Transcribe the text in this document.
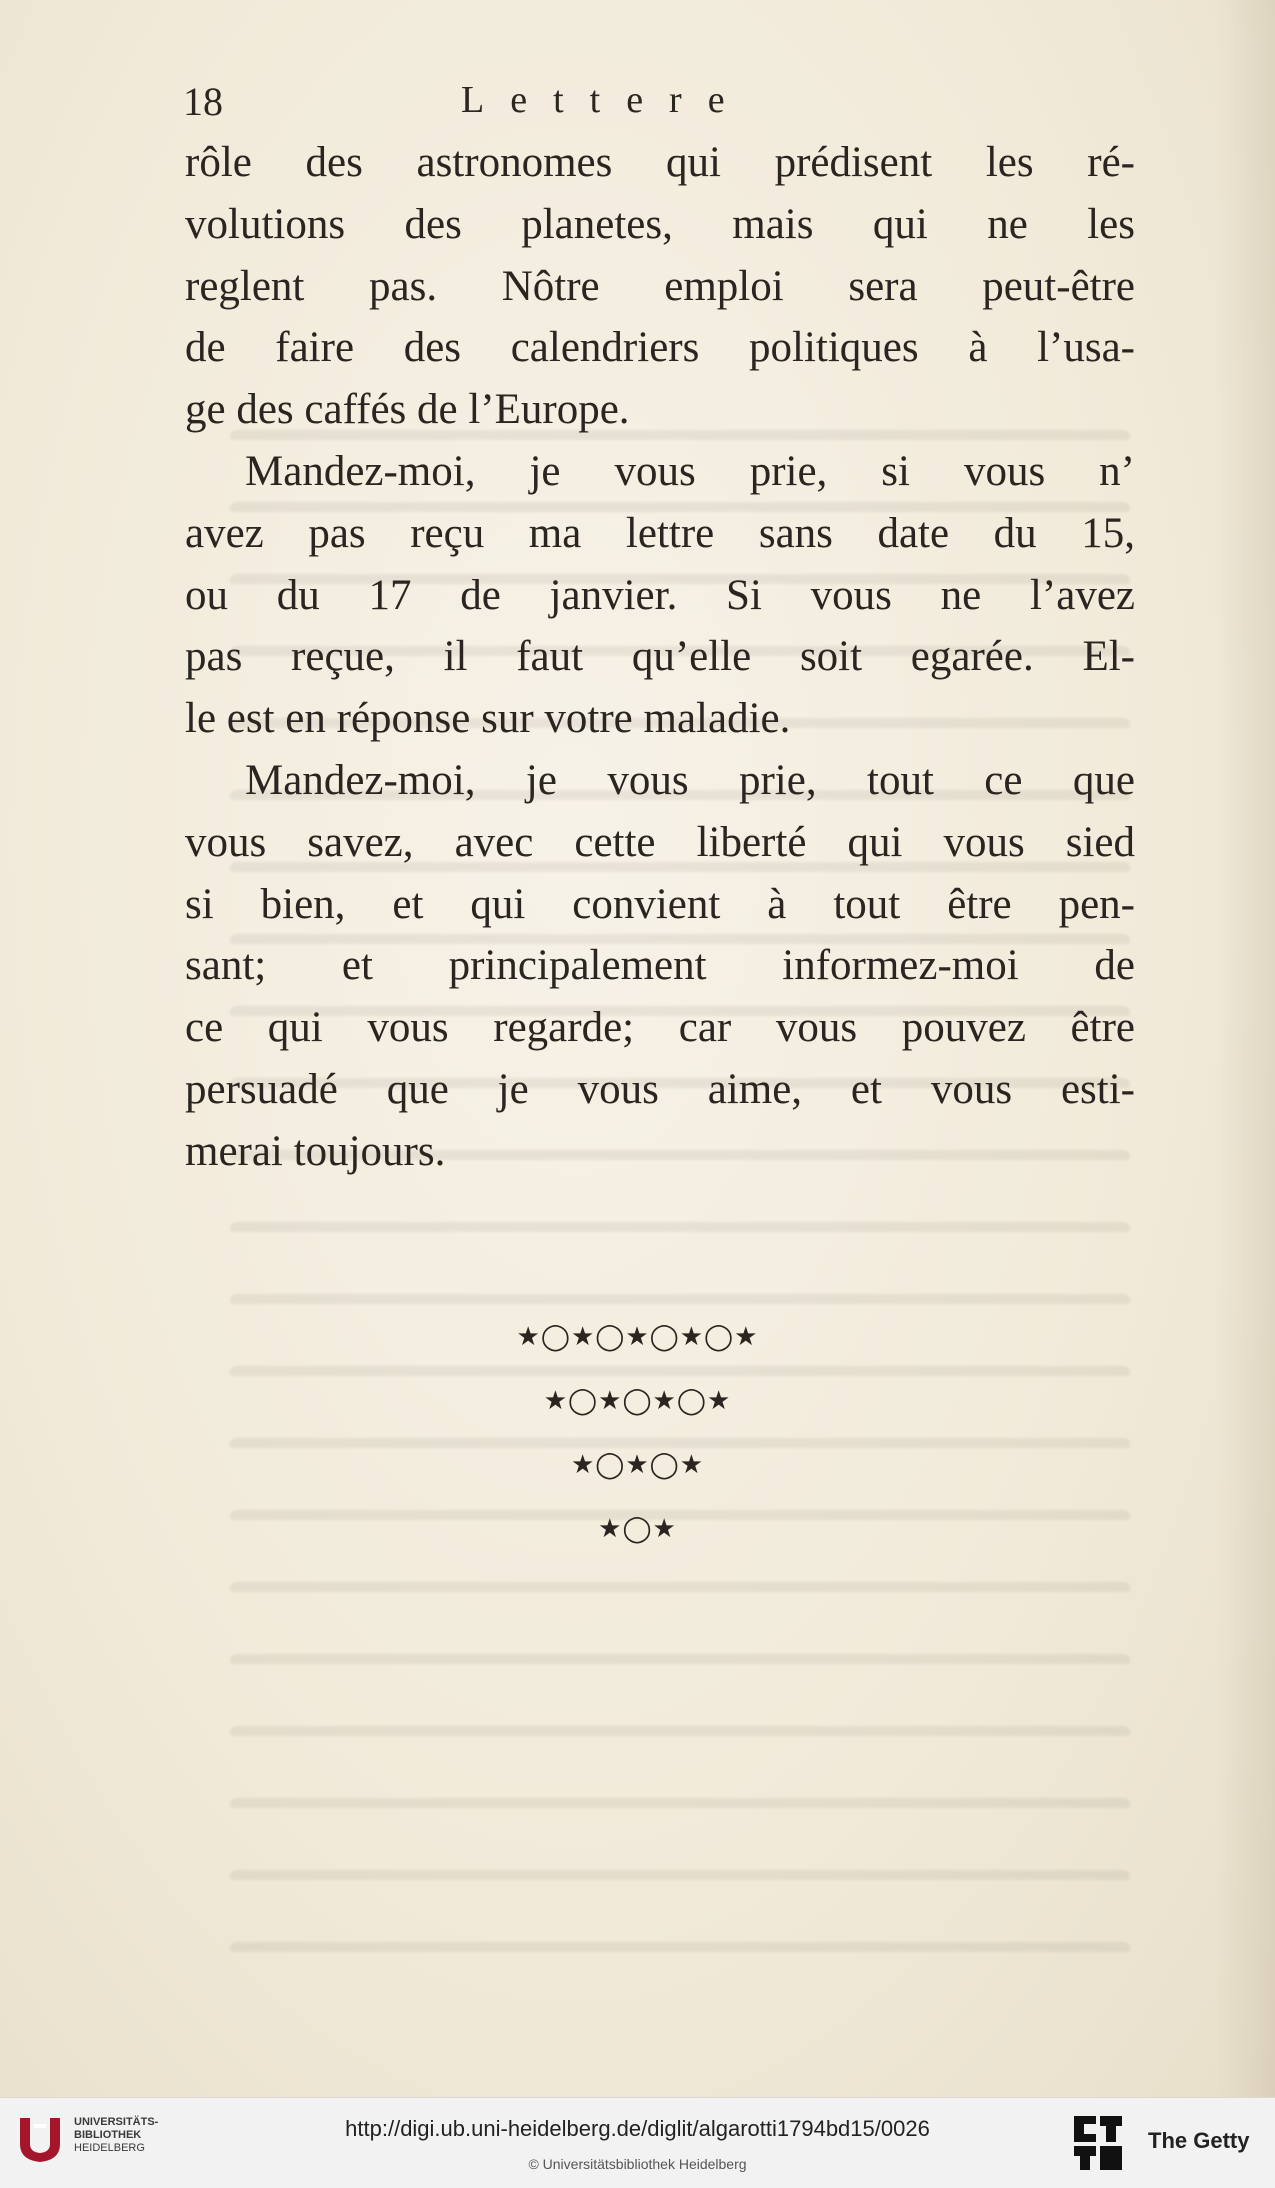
18	Lettere
rôle des astronomes qui prédisent les ré-
volutions des planetes, mais qui ne les
reglent pas. Nôtre emploi sera peut-être
de faire des calendriers politiques à l’usa-
ge des caffés de l’Europe.
Mandez-moi, je vous prie, si vous n’
avez pas reçu ma lettre sans date du 15,
ou du 17 de janvier. Si vous ne l’avez
pas reçue, il faut qu’elle soit egarée. El-
le est en réponse sur votre maladie.
Mandez-moi, je vous prie, tout ce que
vous savez, avec cette liberté qui vous sied
si bien, et qui convient à tout être pen-
sant; et principalement informez-moi de
ce qui vous regarde; car vous pouvez être
persuadé que je vous aime, et vous esti-
merai toujours.
★◯★◯★◯★◯★
★◯★◯★◯★
★◯★◯★
★◯★
UNIVERSITÄTS-
BIBLIOTHEK
HEIDELBERG
http://digi.ub.uni-heidelberg.de/diglit/algarotti1794bd15/0026
© Universitätsbibliothek Heidelberg
The Getty
